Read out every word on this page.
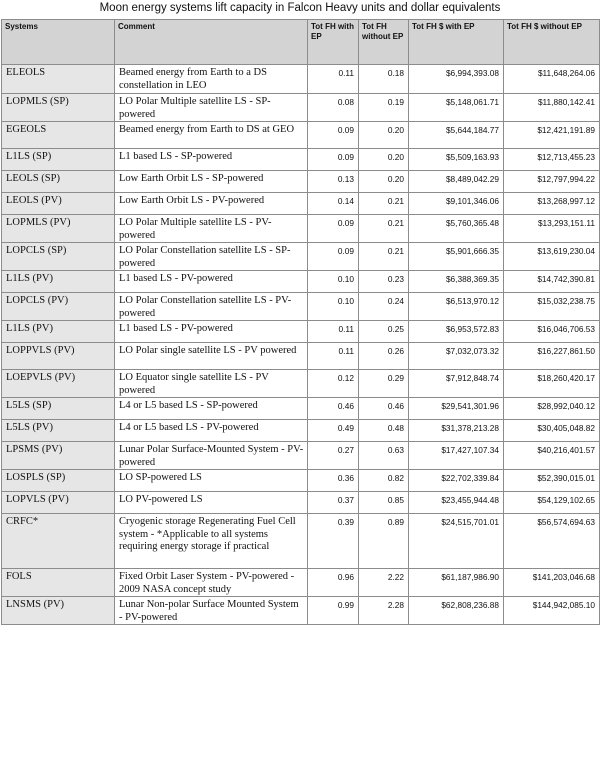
Moon energy systems lift capacity in Falcon Heavy units and dollar equivalents
Systems	Comment	Tot FH with EP	Tot FH without EP	Tot FH $ with EP	Tot FH $ without EP
ELEOLS	Beamed energy from Earth to a DS constellation in LEO	0.11	0.18	$6,994,393.08	$11,648,264.06
LOPMLS (SP)	LO Polar Multiple satellite LS - SP-powered	0.08	0.19	$5,148,061.71	$11,880,142.41
EGEOLS	Beamed energy from Earth to DS at GEO	0.09	0.20	$5,644,184.77	$12,421,191.89
L1LS (SP)	L1 based LS - SP-powered	0.09	0.20	$5,509,163.93	$12,713,455.23
LEOLS (SP)	Low Earth Orbit LS - SP-powered	0.13	0.20	$8,489,042.29	$12,797,994.22
LEOLS (PV)	Low Earth Orbit LS - PV-powered	0.14	0.21	$9,101,346.06	$13,268,997.12
LOPMLS (PV)	LO Polar Multiple satellite LS - PV-powered	0.09	0.21	$5,760,365.48	$13,293,151.11
LOPCLS (SP)	LO Polar Constellation satellite LS - SP-powered	0.09	0.21	$5,901,666.35	$13,619,230.04
L1LS (PV)	L1 based LS - PV-powered	0.10	0.23	$6,388,369.35	$14,742,390.81
LOPCLS (PV)	LO Polar Constellation satellite LS - PV-powered	0.10	0.24	$6,513,970.12	$15,032,238.75
L1LS (PV)	L1 based LS - PV-powered	0.11	0.25	$6,953,572.83	$16,046,706.53
LOPPVLS (PV)	LO Polar single satellite LS - PV powered	0.11	0.26	$7,032,073.32	$16,227,861.50
LOEPVLS (PV)	LO Equator single satellite LS - PV powered	0.12	0.29	$7,912,848.74	$18,260,420.17
L5LS (SP)	L4 or L5 based LS - SP-powered	0.46	0.46	$29,541,301.96	$28,992,040.12
L5LS (PV)	L4 or L5 based LS - PV-powered	0.49	0.48	$31,378,213.28	$30,405,048.82
LPSMS (PV)	Lunar Polar Surface-Mounted System - PV-powered	0.27	0.63	$17,427,107.34	$40,216,401.57
LOSPLS (SP)	LO SP-powered LS	0.36	0.82	$22,702,339.84	$52,390,015.01
LOPVLS (PV)	LO PV-powered LS	0.37	0.85	$23,455,944.48	$54,129,102.65
CRFC*	Cryogenic storage Regenerating Fuel Cell system - *Applicable to all systems requiring energy storage if practical	0.39	0.89	$24,515,701.01	$56,574,694.63
FOLS	Fixed Orbit Laser System - PV-powered - 2009 NASA concept study	0.96	2.22	$61,187,986.90	$141,203,046.68
LNSMS (PV)	Lunar Non-polar Surface Mounted System - PV-powered	0.99	2.28	$62,808,236.88	$144,942,085.10
